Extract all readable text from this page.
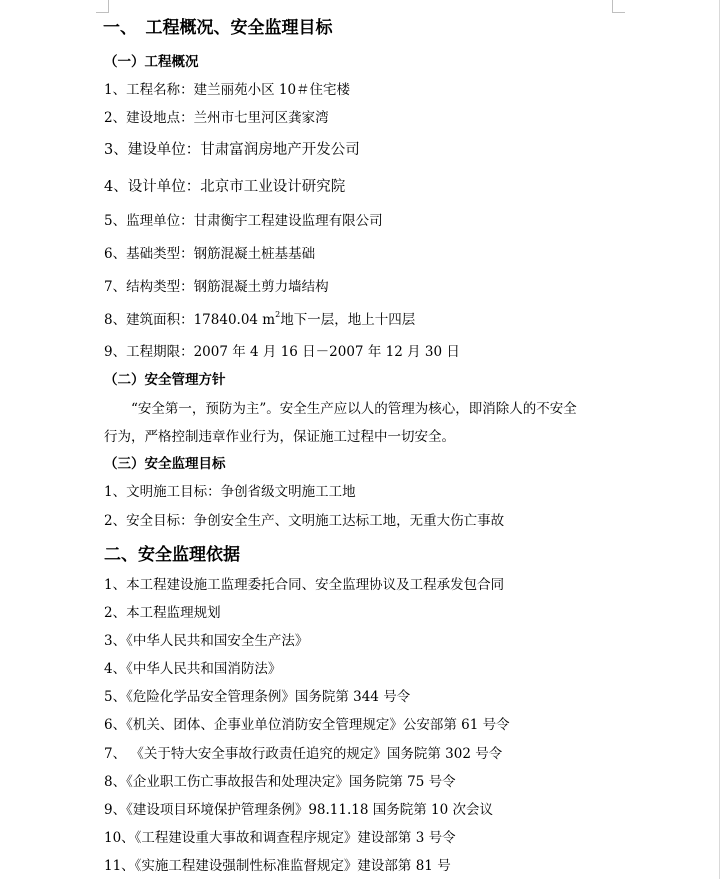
一、　工程概况、安全监理目标
（一）工程概况
1、工程名称：建兰丽苑小区 10＃住宅楼
2、建设地点：兰州市七里河区龚家湾
3、建设单位：甘肃富润房地产开发公司
4、设计单位：北京市工业设计研究院
5、监理单位：甘肃衡宇工程建设监理有限公司
6、基础类型：钢筋混凝土桩基基础
7、结构类型：钢筋混凝土剪力墙结构
8、建筑面积：17840.04 $m^2$地下一层，地上十四层
9、工程期限：2007 年 4 月 16 日－2007 年 12 月 30 日
（二）安全管理方针
“安全第一，预防为主”。安全生产应以人的管理为核心，即消除人的不安全
行为，严格控制违章作业行为，保证施工过程中一切安全。
（三）安全监理目标
1、文明施工目标：争创省级文明施工工地
2、安全目标：争创安全生产、文明施工达标工地，无重大伤亡事故
二、安全监理依据
1、本工程建设施工监理委托合同、安全监理协议及工程承发包合同
2、本工程监理规划
3、《中华人民共和国安全生产法》
4、《中华人民共和国消防法》
5、《危险化学品安全管理条例》国务院第 344 号令
6、《机关、团体、企事业单位消防安全管理规定》公安部第 61 号令
7、 《关于特大安全事故行政责任追究的规定》国务院第 302 号令
8、《企业职工伤亡事故报告和处理决定》国务院第 75 号令
9、《建设项目环境保护管理条例》98.11.18 国务院第 10 次会议
10、《工程建设重大事故和调查程序规定》建设部第 3 号令
11、《实施工程建设强制性标准监督规定》建设部第 81 号
